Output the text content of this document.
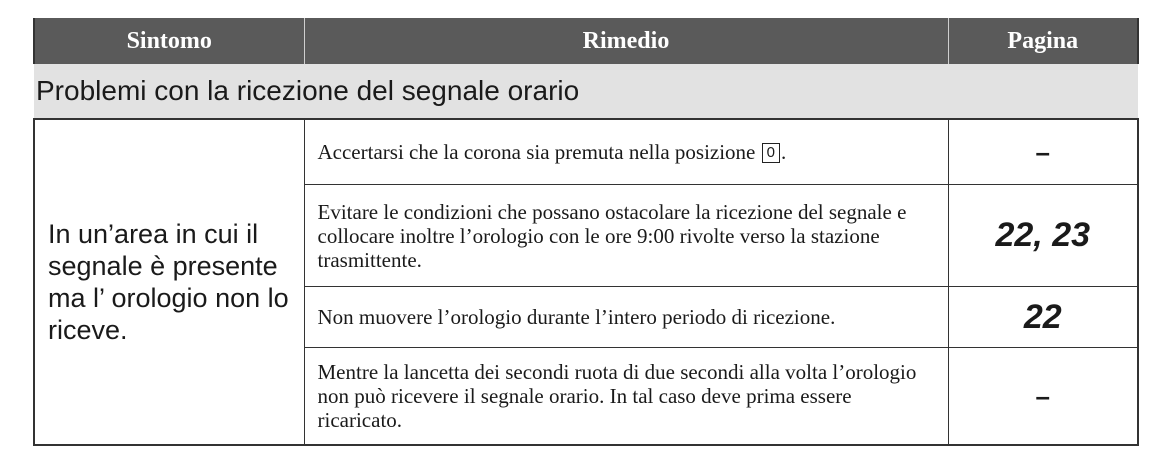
Sintomo	Rimedio	Pagina
Problemi con la ricezione del segnale orario		
In un’area in cui il segnale è presente ma l’ orologio non lo riceve.	Accertarsi che la corona sia premuta nella posizione 0 .	–
	Evitare le condizioni che possano ostacolare la ricezione del segnale e collocare inoltre l’orologio con le ore 9:00 rivolte verso la stazione trasmittente.	22, 23
	Non muovere l’orologio durante l’intero periodo di ricezione.	22
	Mentre la lancetta dei secondi ruota di due secondi alla volta l’orologio non può ricevere il segnale orario. In tal caso deve prima essere ricaricato.	–
